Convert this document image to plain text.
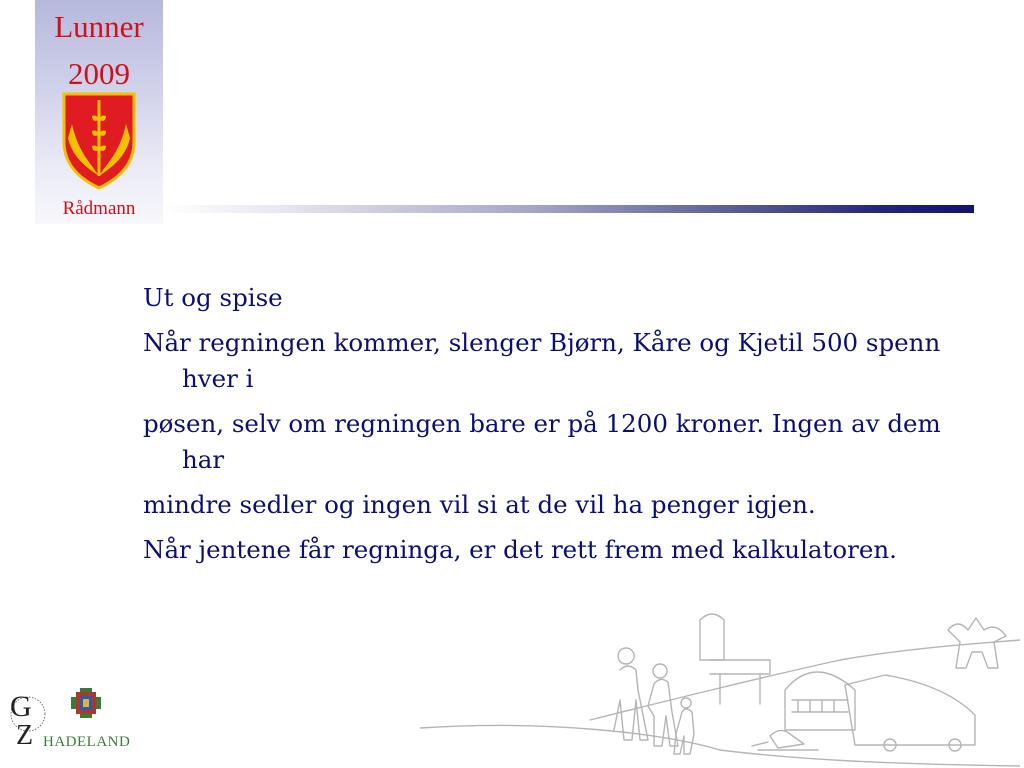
Lunner
2009
Rådmann

Ut og spise

Når regningen kommer, slenger Bjørn, Kåre og Kjetil 500 spenn hver i

pøsen, selv om regningen bare er på 1200 kroner. Ingen av dem har

mindre sedler og ingen vil si at de vil ha penger igjen.

Når jentene får regninga, er det rett frem med kalkulatoren.

G
Z HADELAND
